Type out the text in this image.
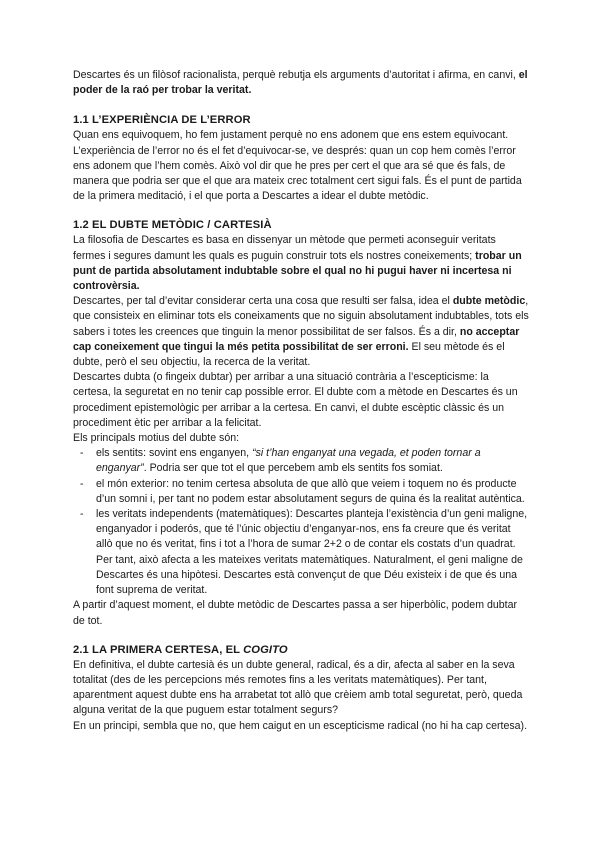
Descartes és un filòsof racionalista, perquè rebutja els arguments d’autoritat i afirma, en canvi, el poder de la raó per trobar la veritat.

1.1 L’EXPERIÈNCIA DE L’ERROR

Quan ens equivoquem, ho fem justament perquè no ens adonem que ens estem equivocant.

L’experiència de l’error no és el fet d’equivocar-se, ve després: quan un cop hem comès l’error ens adonem que l’hem comès. Això vol dir que he pres per cert el que ara sé que és fals, de manera que podria ser que el que ara mateix crec totalment cert sigui fals. És el punt de partida de la primera meditació, i el que porta a Descartes a idear el dubte metòdic.

1.2 EL DUBTE METÒDIC / CARTESIÀ

La filosofia de Descartes es basa en dissenyar un mètode que permeti aconseguir veritats fermes i segures damunt les quals es puguin construir tots els nostres coneixements; trobar un punt de partida absolutament indubtable sobre el qual no hi pugui haver ni incertesa ni controvèrsia.

Descartes, per tal d’evitar considerar certa una cosa que resulti ser falsa, idea el dubte metòdic, que consisteix en eliminar tots els coneixaments que no siguin absolutament indubtables, tots els sabers i totes les creences que tinguin la menor possibilitat de ser falsos. És a dir, no acceptar cap coneixement que tingui la més petita possibilitat de ser erroni. El seu mètode és el dubte, però el seu objectiu, la recerca de la veritat.

Descartes dubta (o fingeix dubtar) per arribar a una situació contrària a l’escepticisme: la certesa, la seguretat en no tenir cap possible error. El dubte com a mètode en Descartes és un procediment epistemològic per arribar a la certesa. En canvi, el dubte escèptic clàssic és un procediment ètic per arribar a la felicitat.

Els principals motius del dubte són:

- els sentits: sovint ens enganyen, “si t’han enganyat una vegada, et poden tornar a enganyar”. Podria ser que tot el que percebem amb els sentits fos somiat.
- el món exterior: no tenim certesa absoluta de que allò que veiem i toquem no és producte d’un somni i, per tant no podem estar absolutament segurs de quina és la realitat autèntica.
- les veritats independents (matemàtiques): Descartes planteja l’existència d’un geni maligne, enganyador i poderós, que té l’únic objectiu d’enganyar-nos, ens fa creure que és veritat allò que no és veritat, fins i tot a l’hora de sumar 2+2 o de contar els costats d’un quadrat. Per tant, això afecta a les mateixes veritats matemàtiques. Naturalment, el geni maligne de Descartes és una hipòtesi. Descartes està convençut de que Déu existeix i de que és una font suprema de veritat.

A partir d’aquest moment, el dubte metòdic de Descartes passa a ser hiperbòlic, podem dubtar de tot.

2.1 LA PRIMERA CERTESA, EL COGITO

En definitiva, el dubte cartesià és un dubte general, radical, és a dir, afecta al saber en la seva totalitat (des de les percepcions més remotes fins a les veritats matemàtiques). Per tant, aparentment aquest dubte ens ha arrabetat tot allò que crèiem amb total seguretat, però, queda alguna veritat de la que puguem estar totalment segurs?

En un principi, sembla que no, que hem caigut en un escepticisme radical (no hi ha cap certesa).
